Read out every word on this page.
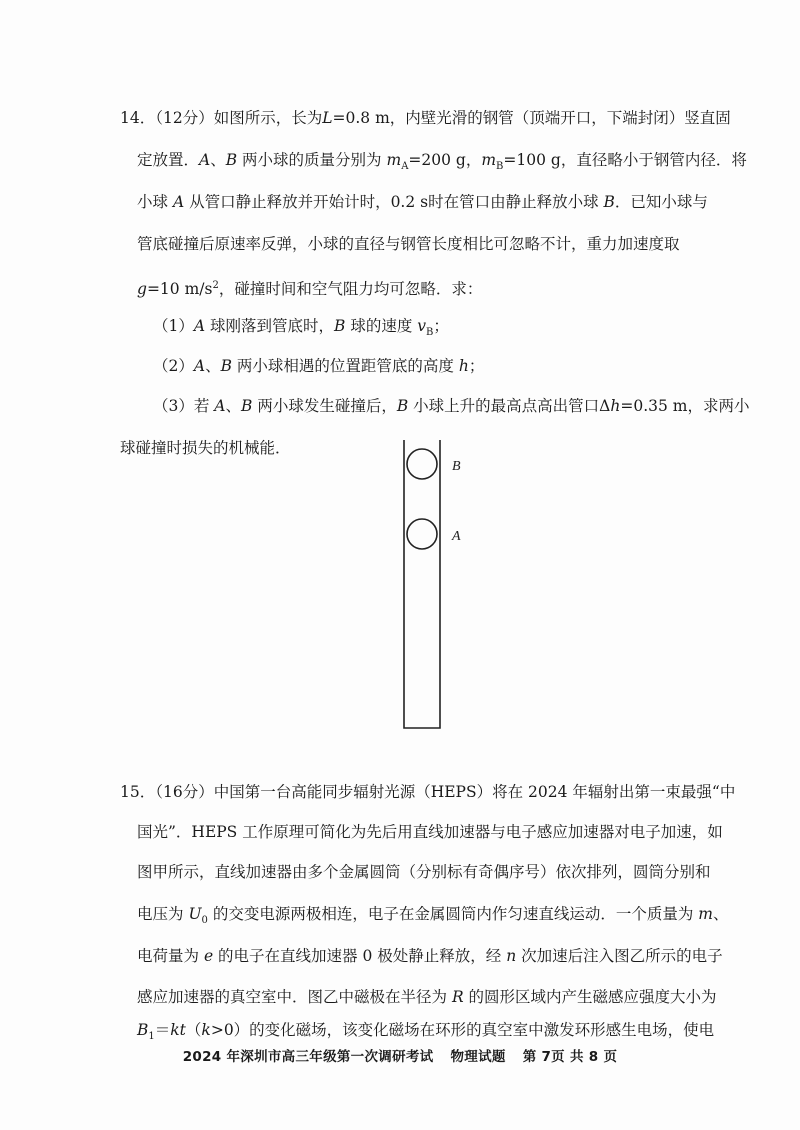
14．（12分）如图所示，长为L=0.8 m，内壁光滑的钢管（顶端开口，下端封闭）竖直固
定放置．A、B 两小球的质量分别为 $m_A=200$ g，$m_B=100$ g，直径略小于钢管内径．将
小球 A 从管口静止释放并开始计时，0.2 s时在管口由静止释放小球 B．已知小球与
管底碰撞后原速率反弹，小球的直径与钢管长度相比可忽略不计，重力加速度取
g=10 $m/s^2$，碰撞时间和空气阻力均可忽略．求：
（1）A 球刚落到管底时，B 球的速度 $v_B$；
（2）A、B 两小球相遇的位置距管底的高度 h；
（3）若 A、B 两小球发生碰撞后，B 小球上升的最高点高出管口Δh=0.35 m，求两小
球碰撞时损失的机械能．
B
A
15．（16分）中国第一台高能同步辐射光源（HEPS）将在 2024 年辐射出第一束最强“中
国光”．HEPS 工作原理可简化为先后用直线加速器与电子感应加速器对电子加速，如
图甲所示，直线加速器由多个金属圆筒（分别标有奇偶序号）依次排列，圆筒分别和
电压为 $U_0$ 的交变电源两极相连，电子在金属圆筒内作匀速直线运动．一个质量为 m、
电荷量为 e 的电子在直线加速器 0 极处静止释放，经 n 次加速后注入图乙所示的电子
感应加速器的真空室中．图乙中磁极在半径为 R 的圆形区域内产生磁感应强度大小为
$B_1=kt(k>0)$的变化磁场，该变化磁场在环形的真空室中激发环形感生电场，使电
2024 年深圳市高三年级第一次调研考试 物理试题 第 7页 共 8 页
